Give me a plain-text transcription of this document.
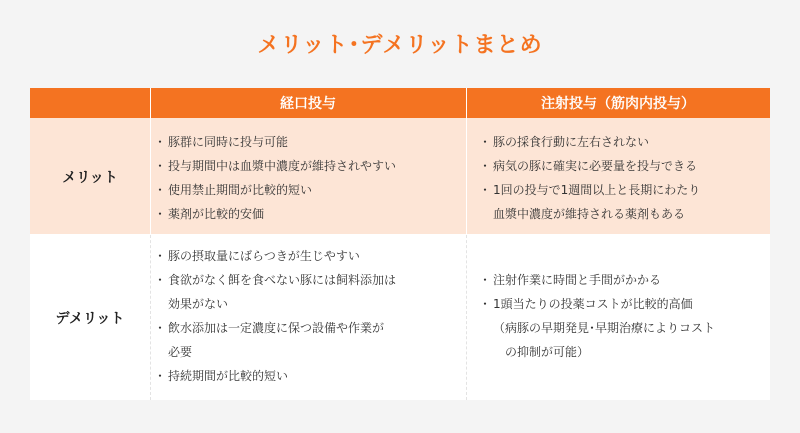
メリット･デメリットまとめ
経口投与	注射投与（筋肉内投与）
メリット
デメリット
・ 豚群に同時に投与可能
・ 投与期間中は血漿中濃度が維持されやすい
・ 使用禁止期間が比較的短い
・ 薬剤が比較的安価
・ 豚の採食行動に左右されない
・ 病気の豚に確実に必要量を投与できる
・ 1回の投与で1週間以上と長期にわたり
血漿中濃度が維持される薬剤もある
・ 豚の摂取量にばらつきが生じやすい
・ 食欲がなく餌を食べない豚には飼料添加は
効果がない
・ 飲水添加は一定濃度に保つ設備や作業が
必要
・ 持続期間が比較的短い
・ 注射作業に時間と手間がかかる
・ 1頭当たりの投薬コストが比較的高価
（病豚の早期発見･早期治療によりコスト
の抑制が可能）
